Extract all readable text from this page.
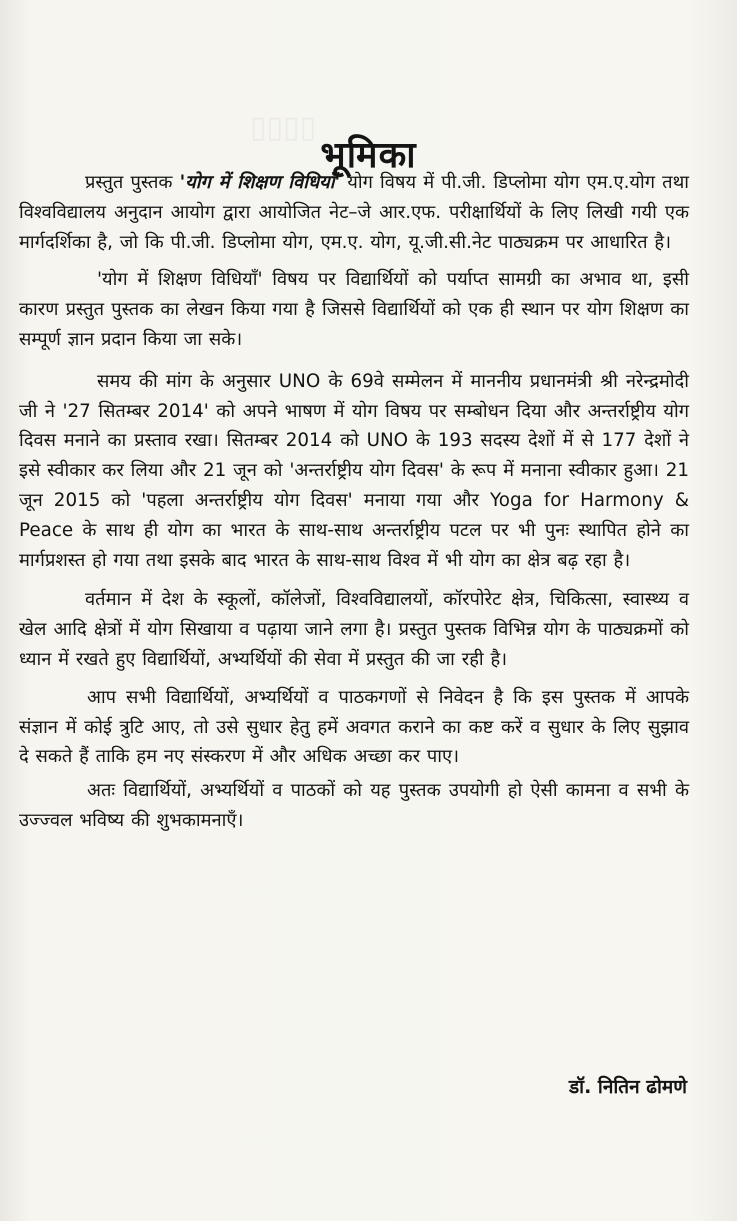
▯▯▯▯
भूमिका

प्रस्तुत पुस्तक 'योग में शिक्षण विधियाँ' योग विषय में पी.जी. डिप्लोमा योग एम.ए.योग तथा विश्वविद्यालय अनुदान आयोग द्वारा आयोजित नेट–जे आर.एफ. परीक्षार्थियों के लिए लिखी गयी एक मार्गदर्शिका है, जो कि पी.जी. डिप्लोमा योग, एम.ए. योग, यू.जी.सी.नेट पाठ्यक्रम पर आधारित है।

'योग में शिक्षण विधियाँ' विषय पर विद्यार्थियों को पर्याप्त सामग्री का अभाव था, इसी कारण प्रस्तुत पुस्तक का लेखन किया गया है जिससे विद्यार्थियों को एक ही स्थान पर योग शिक्षण का सम्पूर्ण ज्ञान प्रदान किया जा सके।

समय की मांग के अनुसार UNO के 69वे सम्मेलन में माननीय प्रधानमंत्री श्री नरेन्द्रमोदी जी ने '27 सितम्बर 2014' को अपने भाषण में योग विषय पर सम्बोधन दिया और अन्तर्राष्ट्रीय योग दिवस मनाने का प्रस्ताव रखा। सितम्बर 2014 को UNO के 193 सदस्य देशों में से 177 देशों ने इसे स्वीकार कर लिया और 21 जून को 'अन्तर्राष्ट्रीय योग दिवस' के रूप में मनाना स्वीकार हुआ। 21 जून 2015 को 'पहला अन्तर्राष्ट्रीय योग दिवस' मनाया गया और Yoga for Harmony & Peace के साथ ही योग का भारत के साथ-साथ अन्तर्राष्ट्रीय पटल पर भी पुनः स्थापित होने का मार्गप्रशस्त हो गया तथा इसके बाद भारत के साथ-साथ विश्व में भी योग का क्षेत्र बढ़ रहा है।

वर्तमान में देश के स्कूलों, कॉलेजों, विश्वविद्यालयों, कॉरपोरेट क्षेत्र, चिकित्सा, स्वास्थ्य व खेल आदि क्षेत्रों में योग सिखाया व पढ़ाया जाने लगा है। प्रस्तुत पुस्तक विभिन्न योग के पाठ्यक्रमों को ध्यान में रखते हुए विद्यार्थियों, अभ्यर्थियों की सेवा में प्रस्तुत की जा रही है।

आप सभी विद्यार्थियों, अभ्यर्थियों व पाठकगणों से निवेदन है कि इस पुस्तक में आपके संज्ञान में कोई त्रुटि आए, तो उसे सुधार हेतु हमें अवगत कराने का कष्ट करें व सुधार के लिए सुझाव दे सकते हैं ताकि हम नए संस्करण में और अधिक अच्छा कर पाए।

अतः विद्यार्थियों, अभ्यर्थियों व पाठकों को यह पुस्तक उपयोगी हो ऐसी कामना व सभी के उज्ज्वल भविष्य की शुभकामनाएँ।

डॉ. नितिन ढोमणे
